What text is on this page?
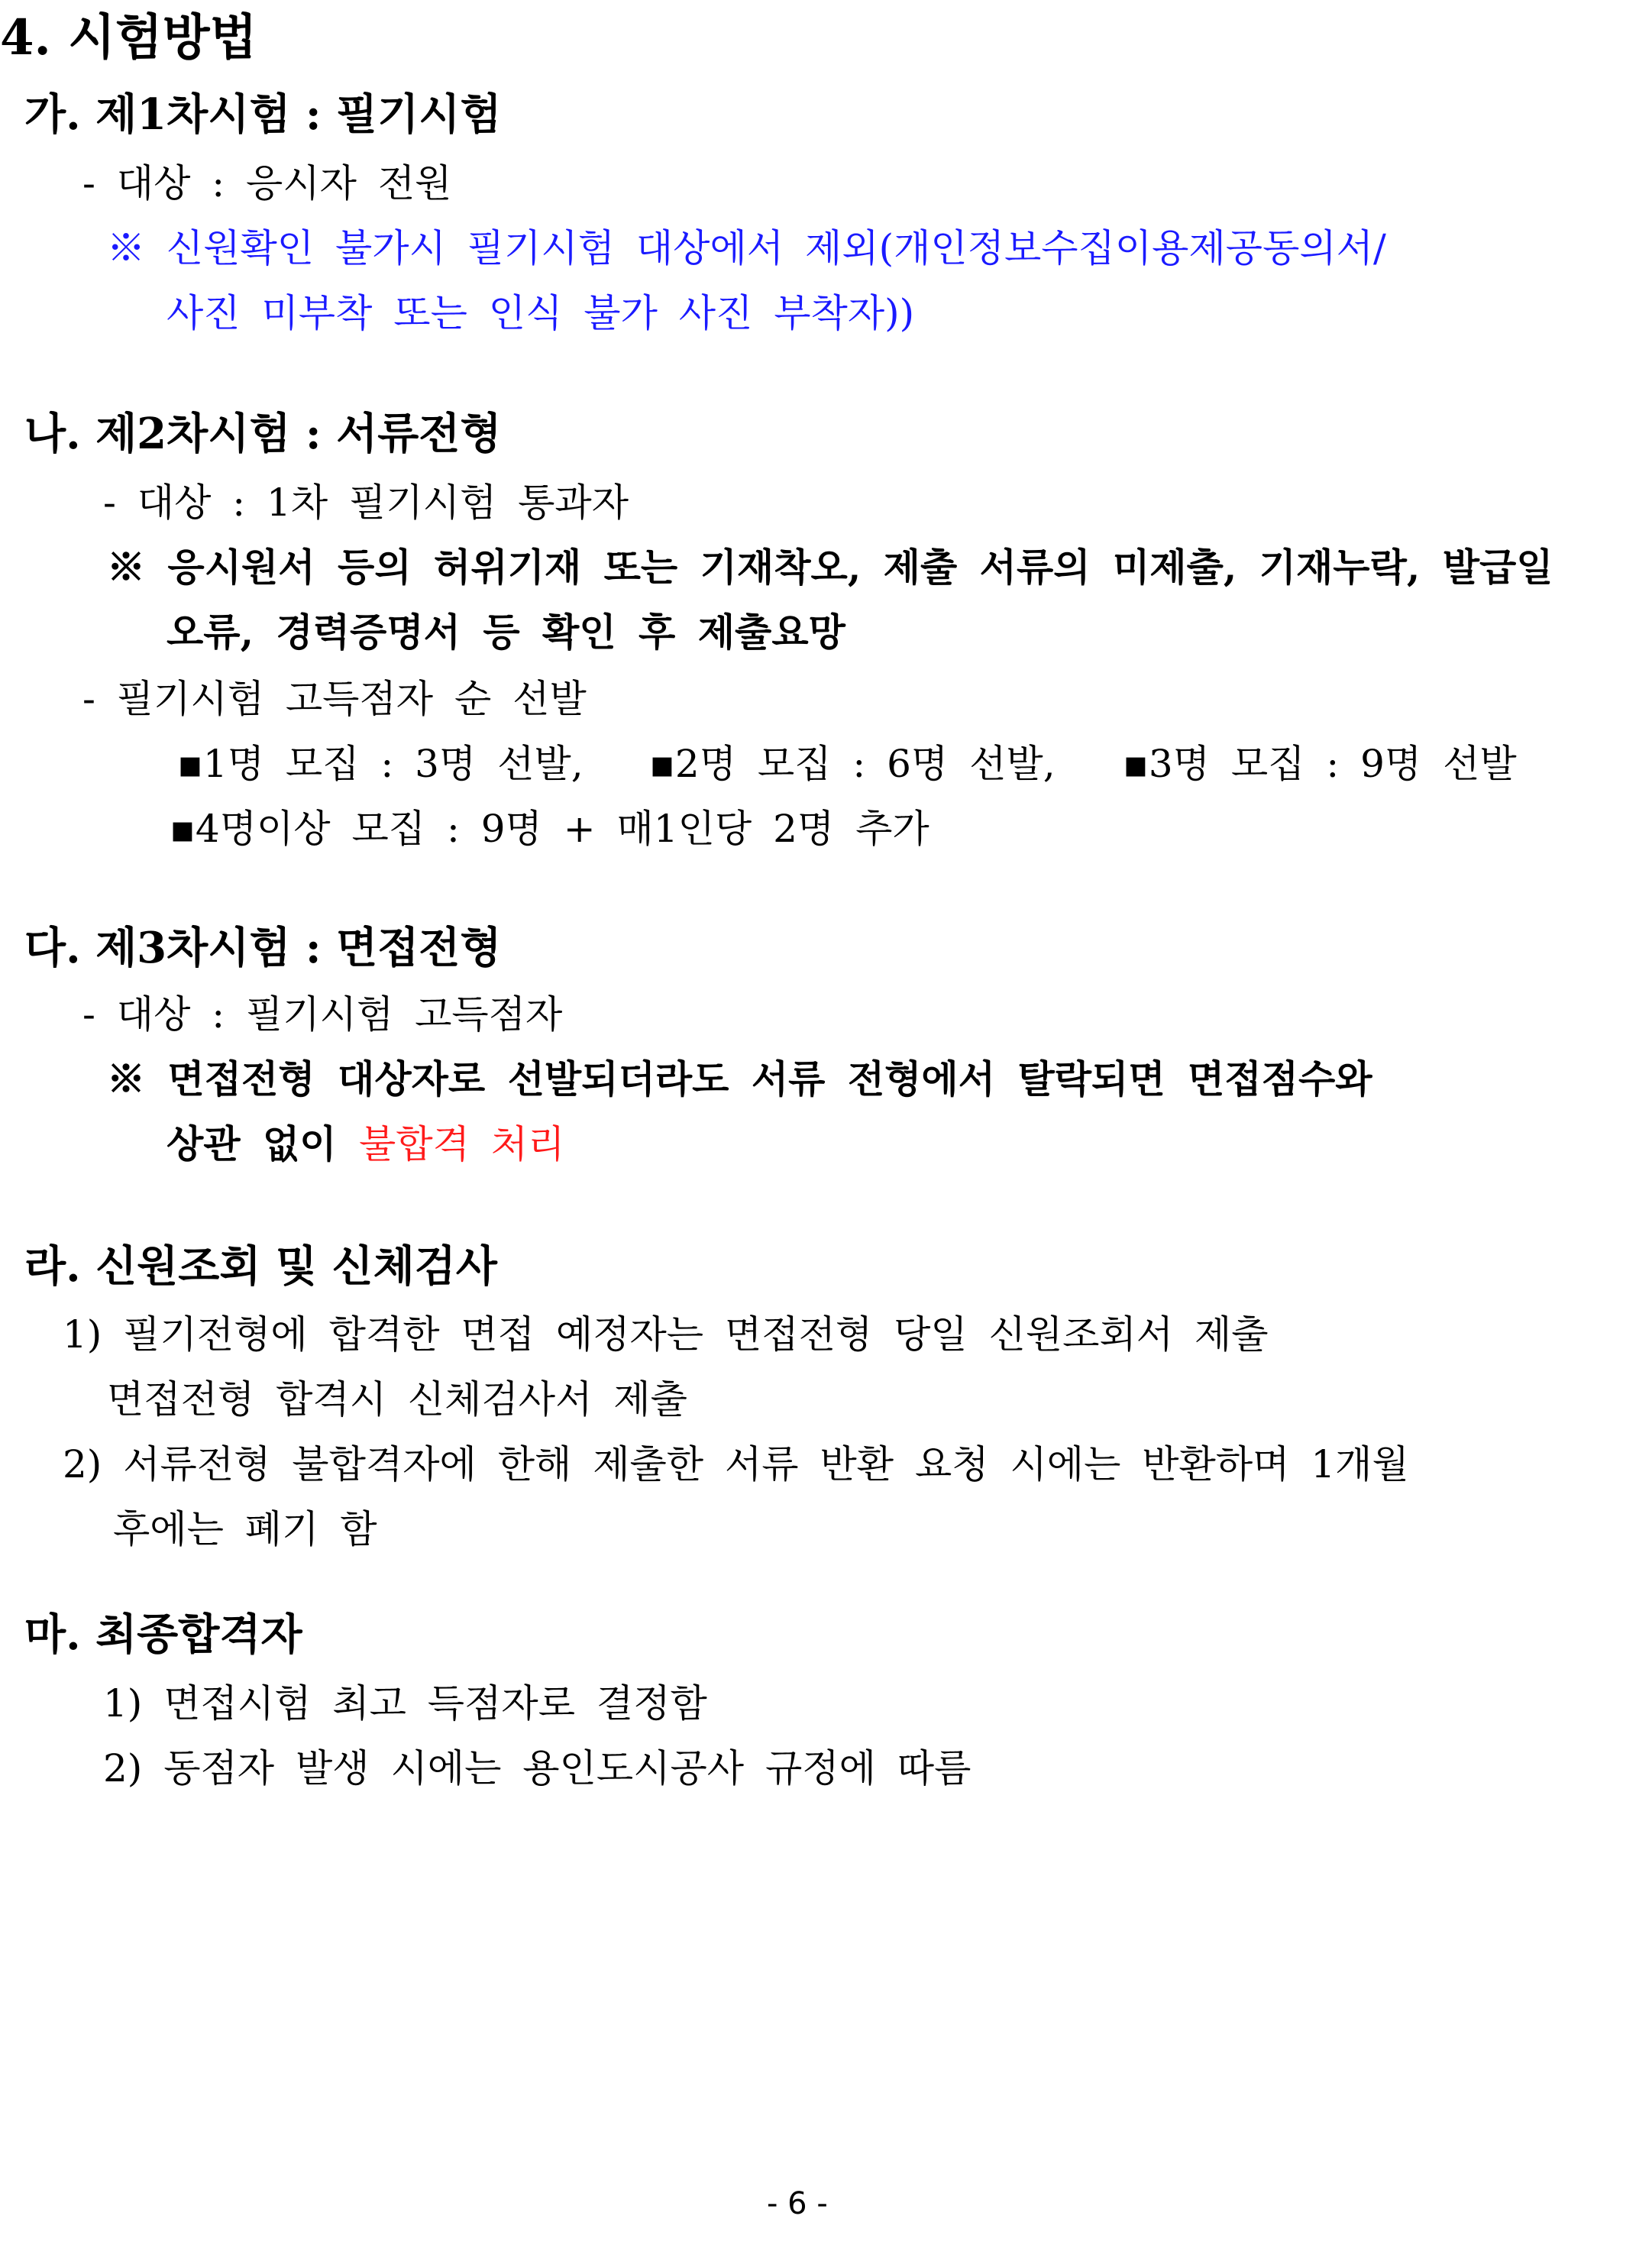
4. 시험방법
가. 제1차시험 : 필기시험
- 대상 : 응시자 전원
※ 신원확인 불가시 필기시험 대상에서 제외(개인정보수집이용제공동의서/
사진 미부착 또는 인식 불가 사진 부착자))
나. 제2차시험 : 서류전형
- 대상 : 1차 필기시험 통과자
※ 응시원서 등의 허위기재 또는 기재착오, 제출 서류의 미제출, 기재누락, 발급일
오류, 경력증명서 등 확인 후 제출요망
- 필기시험 고득점자 순 선발
▪1명 모집 : 3명 선발, ▪2명 모집 : 6명 선발, ▪3명 모집 : 9명 선발
▪4명이상 모집 : 9명 + 매1인당 2명 추가
다. 제3차시험 : 면접전형
- 대상 : 필기시험 고득점자
※ 면접전형 대상자로 선발되더라도 서류 전형에서 탈락되면 면접점수와
상관 없이 불합격 처리
라. 신원조회 및 신체검사
1) 필기전형에 합격한 면접 예정자는 면접전형 당일 신원조회서 제출
면접전형 합격시 신체검사서 제출
2) 서류전형 불합격자에 한해 제출한 서류 반환 요청 시에는 반환하며 1개월
후에는 폐기 함
마. 최종합격자
1) 면접시험 최고 득점자로 결정함
2) 동점자 발생 시에는 용인도시공사 규정에 따름
- 6 -
